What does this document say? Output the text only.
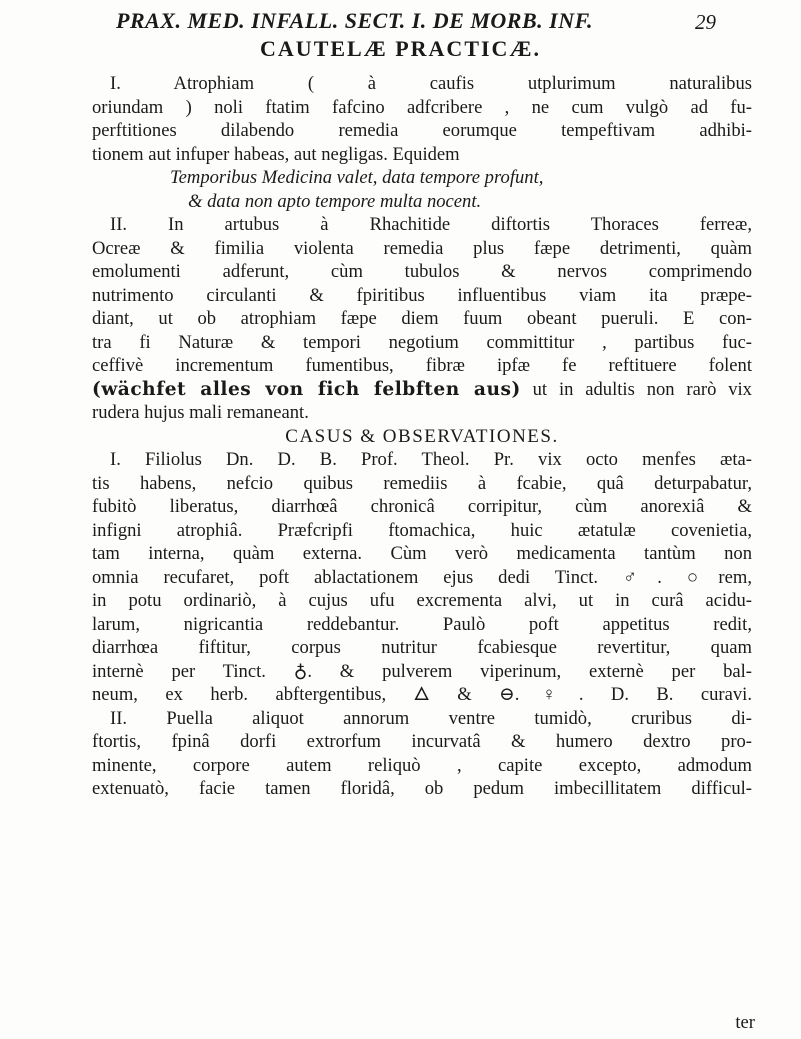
PRAX. MED. INFALL. SECT. I. DE MORB. INF.	29
CAUTELÆ PRACTICÆ.
I. Atrophiam ( à caufis utplurimum naturalibus
oriundam ) noli ftatim fafcino adfcribere , ne cum vulgò ad fu-
perftitiones dilabendo remedia eorumque tempeftivam adhibi-
tionem aut infuper habeas, aut negligas. Equidem
Temporibus Medicina valet, data tempore profunt,
& data non apto tempore multa nocent.
II. In artubus à Rhachitide diftortis Thoraces ferreæ,
Ocreæ & fimilia violenta remedia plus fæpe detrimenti, quàm
emolumenti adferunt, cùm tubulos & nervos comprimendo
nutrimento circulanti & fpiritibus influentibus viam ita præpe-
diant, ut ob atrophiam fæpe diem fuum obeant pueruli. E con-
tra fi Naturæ & tempori negotium committitur , partibus fuc-
ceffivè incrementum fumentibus, fibræ ipfæ fe reftituere folent
(wächfet alles von fich felbften aus) ut in adultis non rarò vix
rudera hujus mali remaneant.
CASUS & OBSERVATIONES.
I. Filiolus Dn. D. B. Prof. Theol. Pr. vix octo menfes æta-
tis habens, nefcio quibus remediis à fcabie, quâ deturpabatur,
fubitò liberatus, diarrhœâ chronicâ corripitur, cùm anorexiâ &
infigni atrophiâ. Præfcripfi ftomachica, huic ætatulæ covenietia,
tam interna, quàm externa. Cùm verò medicamenta tantùm non
omnia recufaret, poft ablactationem ejus dedi Tinct. ♂. ○rem,
in potu ordinariò, à cujus ufu excrementa alvi, ut in curâ acidu-
larum, nigricantia reddebantur. Paulò poft appetitus redit,
diarrhœa fiftitur, corpus nutritur fcabiesque revertitur, quam
internè per Tinct. ♁. & pulverem viperinum, externè per bal-
neum, ex herb. abftergentibus, 🜂 & ⊖.♀. D. B. curavi.
II. Puella aliquot annorum ventre tumidò, cruribus di-
ftortis, fpinâ dorfi extrorfum incurvatâ & humero dextro pro-
minente, corpore autem reliquò , capite excepto, admodum
extenuatò, facie tamen floridâ, ob pedum imbecillitatem difficul-
ter
